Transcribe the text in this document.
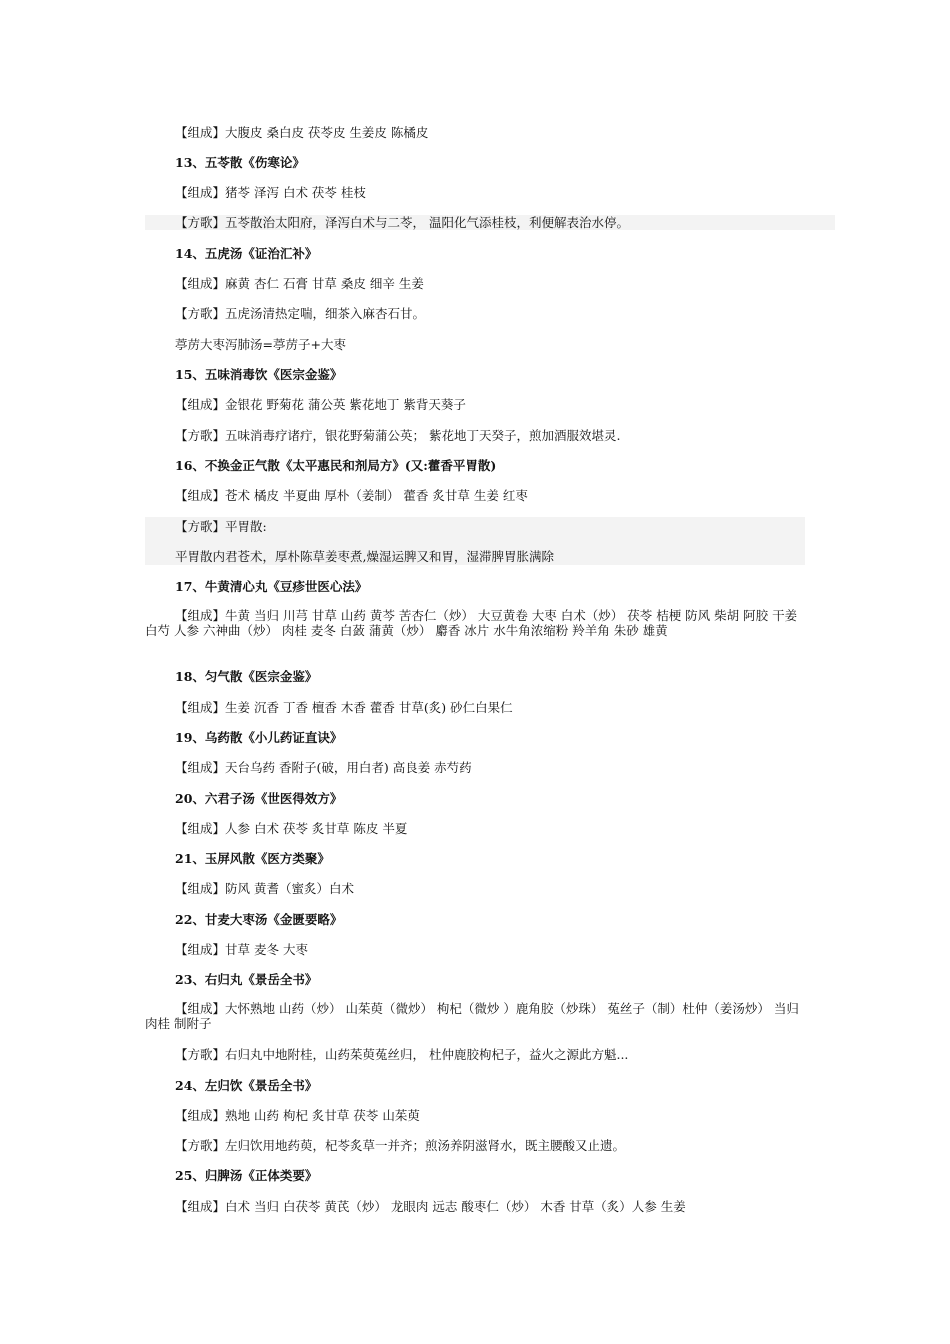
【组成】大腹皮 桑白皮 茯苓皮 生姜皮 陈橘皮
13、五苓散《伤寒论》
【组成】猪苓 泽泻 白术 茯苓 桂枝
【方歌】五苓散治太阳府，泽泻白术与二苓， 温阳化气添桂枝，利便解表治水停。
14、五虎汤《证治汇补》
【组成】麻黄 杏仁 石膏 甘草 桑皮 细辛 生姜
【方歌】五虎汤清热定喘，细茶入麻杏石甘。
葶苈大枣泻肺汤=葶苈子+大枣
15、五味消毒饮《医宗金鉴》
【组成】金银花 野菊花 蒲公英 紫花地丁 紫背天葵子
【方歌】五味消毒疗诸疔，银花野菊蒲公英； 紫花地丁天癸子，煎加酒服效堪灵.
16、不换金正气散《太平惠民和剂局方》(又:藿香平胃散)
【组成】苍术 橘皮 半夏曲 厚朴（姜制） 藿香 炙甘草 生姜 红枣
【方歌】平胃散:
平胃散内君苍术，厚朴陈草姜枣煮,燥湿运脾又和胃，湿滞脾胃胀满除
17、牛黄清心丸《豆疹世医心法》
【组成】牛黄 当归 川芎 甘草 山药 黄芩 苦杏仁（炒） 大豆黄卷 大枣 白术（炒） 茯苓 桔梗 防风 柴胡 阿胶 干姜白芍 人参 六神曲（炒） 肉桂 麦冬 白蔹 蒲黄（炒） 麝香 冰片 水牛角浓缩粉 羚羊角 朱砂 雄黄
18、匀气散《医宗金鉴》
【组成】生姜 沉香 丁香 檀香 木香 藿香 甘草(炙) 砂仁白果仁
19、乌药散《小儿药证直诀》
【组成】天台乌药 香附子(破，用白者) 高良姜 赤芍药
20、六君子汤《世医得效方》
【组成】人参 白术 茯苓 炙甘草 陈皮 半夏
21、玉屏风散《医方类聚》
【组成】防风 黄耆（蜜炙）白术
22、甘麦大枣汤《金匮要略》
【组成】甘草 麦冬 大枣
23、右归丸《景岳全书》
【组成】大怀熟地 山药（炒） 山茱萸（微炒） 枸杞（微炒 ）鹿角胶（炒珠） 菟丝子（制）杜仲（姜汤炒） 当归 肉桂 制附子
【方歌】右归丸中地附桂，山药茱萸菟丝归， 杜仲鹿胶枸杞子，益火之源此方魁...
24、左归饮《景岳全书》
【组成】熟地 山药 枸杞 炙甘草 茯苓 山茱萸
【方歌】左归饮用地药萸，杞苓炙草一并齐；煎汤养阴滋肾水，既主腰酸又止遗。
25、归脾汤《正体类要》
【组成】白术 当归 白茯苓 黄芪（炒） 龙眼肉 远志 酸枣仁（炒） 木香 甘草（炙）人参 生姜
